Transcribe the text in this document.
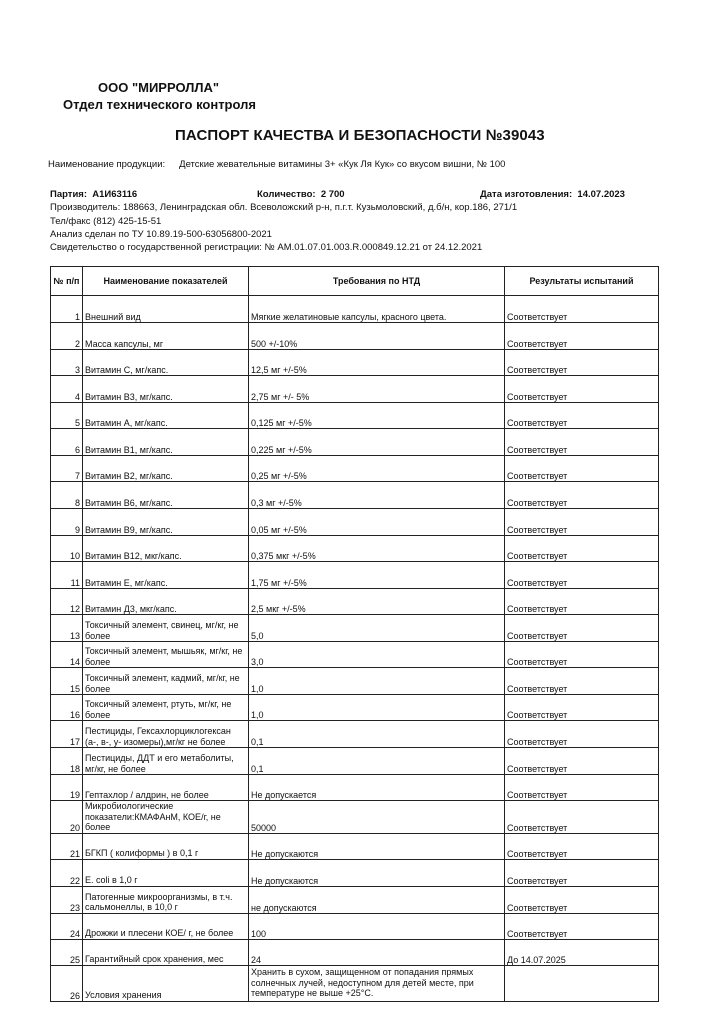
ООО "МИРРОЛЛА"
Отдел технического контроля
ПАСПОРТ КАЧЕСТВА И БЕЗОПАСНОСТИ №39043
Наименование продукции: Детские жевательные витамины 3+ «Кук Ля Кук» со вкусом вишни, № 100
Партия: А1И63116	Количество: 2 700	Дата изготовления: 14.07.2023
Производитель: 188663, Ленинградская обл. Всеволожский р-н, п.г.т. Кузьмоловский, д.б/н, кор.186, 271/1
Тел/факс (812) 425-15-51
Анализ сделан по ТУ 10.89.19-500-63056800-2021
Свидетельство о государственной регистрации: № AM.01.07.01.003.R.000849.12.21 от 24.12.2021
№ п/п	Наименование показателей	Требования по НТД	Результаты испытаний
1	Внешний вид	Мягкие желатиновые капсулы, красного цвета.	Соответствует
2	Масса капсулы, мг	500 +/-10%	Соответствует
3	Витамин С, мг/капс.	12,5 мг +/-5%	Соответствует
4	Витамин В3, мг/капс.	2,75 мг +/- 5%	Соответствует
5	Витамин А, мг/капс.	0,125 мг +/-5%	Соответствует
6	Витамин В1, мг/капс.	0,225 мг +/-5%	Соответствует
7	Витамин В2, мг/капс.	0,25 мг +/-5%	Соответствует
8	Витамин В6, мг/капс.	0,3 мг +/-5%	Соответствует
9	Витамин В9, мг/капс.	0,05 мг +/-5%	Соответствует
10	Витамин В12, мкг/капс.	0,375 мкг +/-5%	Соответствует
11	Витамин Е, мг/капс.	1,75 мг +/-5%	Соответствует
12	Витамин Д3, мкг/капс.	2,5 мкг +/-5%	Соответствует
13	Токсичный элемент, свинец, мг/кг, не более	5,0	Соответствует
14	Токсичный элемент, мышьяк, мг/кг, не более	3,0	Соответствует
15	Токсичный элемент, кадмий, мг/кг, не более	1,0	Соответствует
16	Токсичный элемент, ртуть, мг/кг, не более	1,0	Соответствует
17	Пестициды, Гексахлорциклогексан (а-, в-, у- изомеры),мг/кг не более	0,1	Соответствует
18	Пестициды, ДДТ и его метаболиты, мг/кг, не более	0,1	Соответствует
19	Гептахлор / алдрин, не более	Не допускается	Соответствует
20	Микробиологические показатели:КМАФАнМ, КОЕ/г, не более	50000	Соответствует
21	БГКП ( колиформы ) в 0,1 г	Не допускаются	Соответствует
22	E. coli в 1,0 г	Не допускаются	Соответствует
23	Патогенные микроорганизмы, в т.ч. сальмонеллы, в 10,0 г	не допускаются	Соответствует
24	Дрожжи и плесени КОЕ/ г, не более	100	Соответствует
25	Гарантийный срок хранения, мес	24	До 14.07.2025
26	Условия хранения	Хранить в сухом, защищенном от попадания прямых солнечных лучей, недоступном для детей месте, при температуре не выше +25°С.	
